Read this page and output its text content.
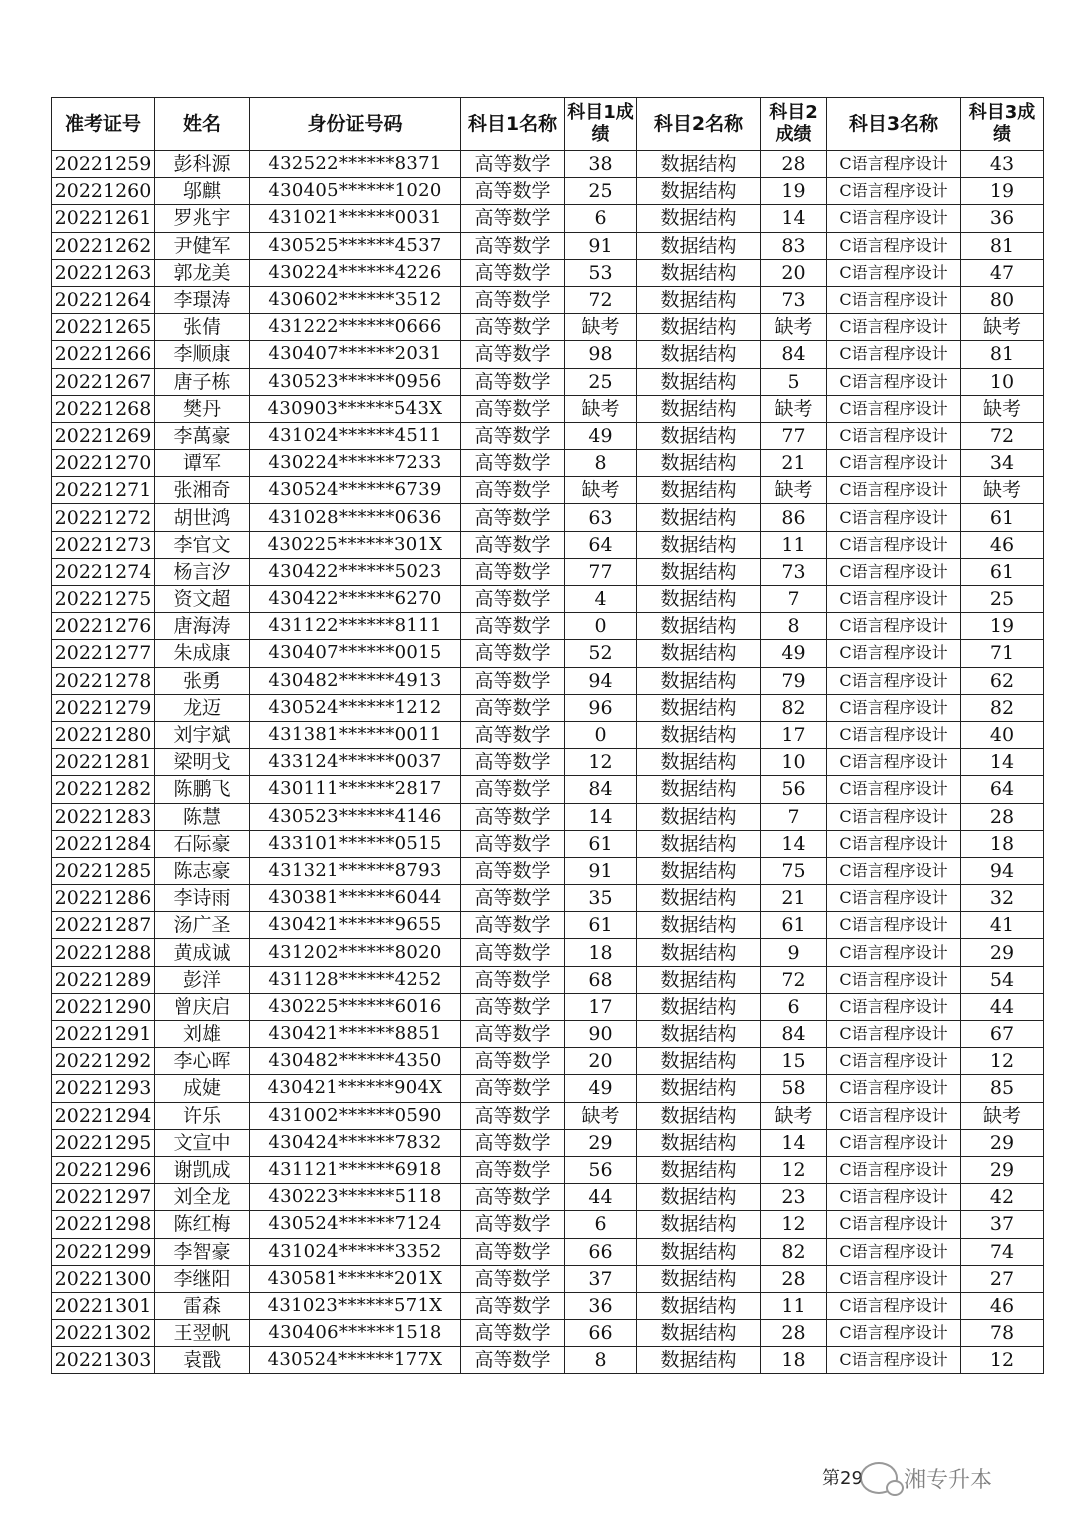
准考证号	姓名	身份证号码	科目1名称	科目1成绩	科目2名称	科目2成绩	科目3名称	科目3成绩
20221259	彭科源	432522******8371	高等数学	38	数据结构	28	C语言程序设计	43
20221260	邬麒	430405******1020	高等数学	25	数据结构	19	C语言程序设计	19
20221261	罗兆宇	431021******0031	高等数学	6	数据结构	14	C语言程序设计	36
20221262	尹健军	430525******4537	高等数学	91	数据结构	83	C语言程序设计	81
20221263	郭龙美	430224******4226	高等数学	53	数据结构	20	C语言程序设计	47
20221264	李璟涛	430602******3512	高等数学	72	数据结构	73	C语言程序设计	80
20221265	张倩	431222******0666	高等数学	缺考	数据结构	缺考	C语言程序设计	缺考
20221266	李顺康	430407******2031	高等数学	98	数据结构	84	C语言程序设计	81
20221267	唐子栋	430523******0956	高等数学	25	数据结构	5	C语言程序设计	10
20221268	樊丹	430903******543X	高等数学	缺考	数据结构	缺考	C语言程序设计	缺考
20221269	李萬豪	431024******4511	高等数学	49	数据结构	77	C语言程序设计	72
20221270	谭军	430224******7233	高等数学	8	数据结构	21	C语言程序设计	34
20221271	张湘奇	430524******6739	高等数学	缺考	数据结构	缺考	C语言程序设计	缺考
20221272	胡世鸿	431028******0636	高等数学	63	数据结构	86	C语言程序设计	61
20221273	李官文	430225******301X	高等数学	64	数据结构	11	C语言程序设计	46
20221274	杨言汐	430422******5023	高等数学	77	数据结构	73	C语言程序设计	61
20221275	资文超	430422******6270	高等数学	4	数据结构	7	C语言程序设计	25
20221276	唐海涛	431122******8111	高等数学	0	数据结构	8	C语言程序设计	19
20221277	朱成康	430407******0015	高等数学	52	数据结构	49	C语言程序设计	71
20221278	张勇	430482******4913	高等数学	94	数据结构	79	C语言程序设计	62
20221279	龙迈	430524******1212	高等数学	96	数据结构	82	C语言程序设计	82
20221280	刘宇斌	431381******0011	高等数学	0	数据结构	17	C语言程序设计	40
20221281	梁明戈	433124******0037	高等数学	12	数据结构	10	C语言程序设计	14
20221282	陈鹏飞	430111******2817	高等数学	84	数据结构	56	C语言程序设计	64
20221283	陈慧	430523******4146	高等数学	14	数据结构	7	C语言程序设计	28
20221284	石际豪	433101******0515	高等数学	61	数据结构	14	C语言程序设计	18
20221285	陈志豪	431321******8793	高等数学	91	数据结构	75	C语言程序设计	94
20221286	李诗雨	430381******6044	高等数学	35	数据结构	21	C语言程序设计	32
20221287	汤广圣	430421******9655	高等数学	61	数据结构	61	C语言程序设计	41
20221288	黄成诚	431202******8020	高等数学	18	数据结构	9	C语言程序设计	29
20221289	彭洋	431128******4252	高等数学	68	数据结构	72	C语言程序设计	54
20221290	曾庆启	430225******6016	高等数学	17	数据结构	6	C语言程序设计	44
20221291	刘雄	430421******8851	高等数学	90	数据结构	84	C语言程序设计	67
20221292	李心晖	430482******4350	高等数学	20	数据结构	15	C语言程序设计	12
20221293	成婕	430421******904X	高等数学	49	数据结构	58	C语言程序设计	85
20221294	许乐	431002******0590	高等数学	缺考	数据结构	缺考	C语言程序设计	缺考
20221295	文宣中	430424******7832	高等数学	29	数据结构	14	C语言程序设计	29
20221296	谢凯成	431121******6918	高等数学	56	数据结构	12	C语言程序设计	29
20221297	刘全龙	430223******5118	高等数学	44	数据结构	23	C语言程序设计	42
20221298	陈红梅	430524******7124	高等数学	6	数据结构	12	C语言程序设计	37
20221299	李智豪	431024******3352	高等数学	66	数据结构	82	C语言程序设计	74
20221300	李继阳	430581******201X	高等数学	37	数据结构	28	C语言程序设计	27
20221301	雷森	431023******571X	高等数学	36	数据结构	11	C语言程序设计	46
20221302	王翌帆	430406******1518	高等数学	66	数据结构	28	C语言程序设计	78
20221303	袁戬	430524******177X	高等数学	8	数据结构	18	C语言程序设计	12
第29 湘专升本
